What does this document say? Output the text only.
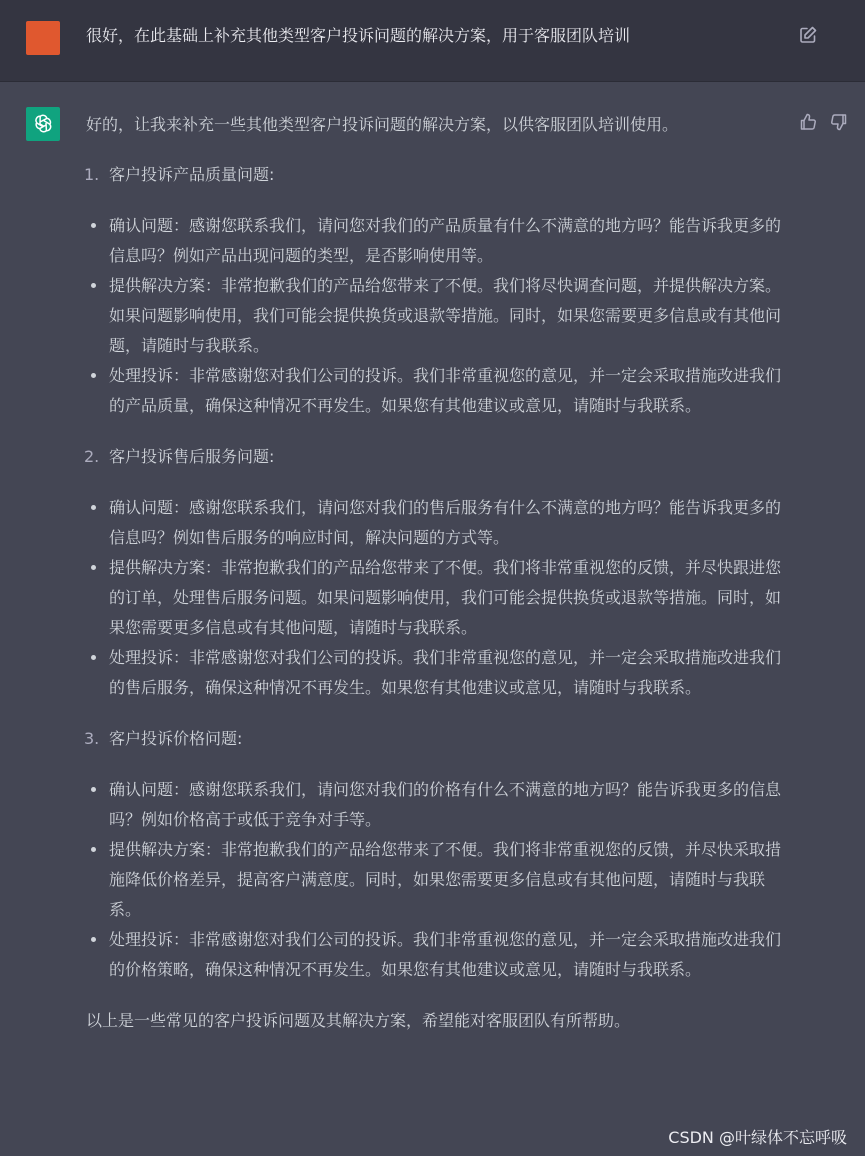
很好，在此基础上补充其他类型客户投诉问题的解决方案，用于客服团队培训

好的，让我来补充一些其他类型客户投诉问题的解决方案，以供客服团队培训使用。

1. 客户投诉产品质量问题:
确认问题：感谢您联系我们，请问您对我们的产品质量有什么不满意的地方吗？能告诉我更多的信息吗？例如产品出现问题的类型，是否影响使用等。
提供解决方案：非常抱歉我们的产品给您带来了不便。我们将尽快调查问题，并提供解决方案。如果问题影响使用，我们可能会提供换货或退款等措施。同时，如果您需要更多信息或有其他问题，请随时与我联系。
处理投诉：非常感谢您对我们公司的投诉。我们非常重视您的意见，并一定会采取措施改进我们的产品质量，确保这种情况不再发生。如果您有其他建议或意见，请随时与我联系。
2. 客户投诉售后服务问题:
确认问题：感谢您联系我们，请问您对我们的售后服务有什么不满意的地方吗？能告诉我更多的信息吗？例如售后服务的响应时间，解决问题的方式等。
提供解决方案：非常抱歉我们的产品给您带来了不便。我们将非常重视您的反馈，并尽快跟进您的订单，处理售后服务问题。如果问题影响使用，我们可能会提供换货或退款等措施。同时，如果您需要更多信息或有其他问题，请随时与我联系。
处理投诉：非常感谢您对我们公司的投诉。我们非常重视您的意见，并一定会采取措施改进我们的售后服务，确保这种情况不再发生。如果您有其他建议或意见，请随时与我联系。
3. 客户投诉价格问题:
确认问题：感谢您联系我们，请问您对我们的价格有什么不满意的地方吗？能告诉我更多的信息吗？例如价格高于或低于竞争对手等。
提供解决方案：非常抱歉我们的产品给您带来了不便。我们将非常重视您的反馈，并尽快采取措施降低价格差异，提高客户满意度。同时，如果您需要更多信息或有其他问题，请随时与我联系。
处理投诉：非常感谢您对我们公司的投诉。我们非常重视您的意见，并一定会采取措施改进我们的价格策略，确保这种情况不再发生。如果您有其他建议或意见，请随时与我联系。

以上是一些常见的客户投诉问题及其解决方案，希望能对客服团队有所帮助。

CSDN @叶绿体不忘呼吸
